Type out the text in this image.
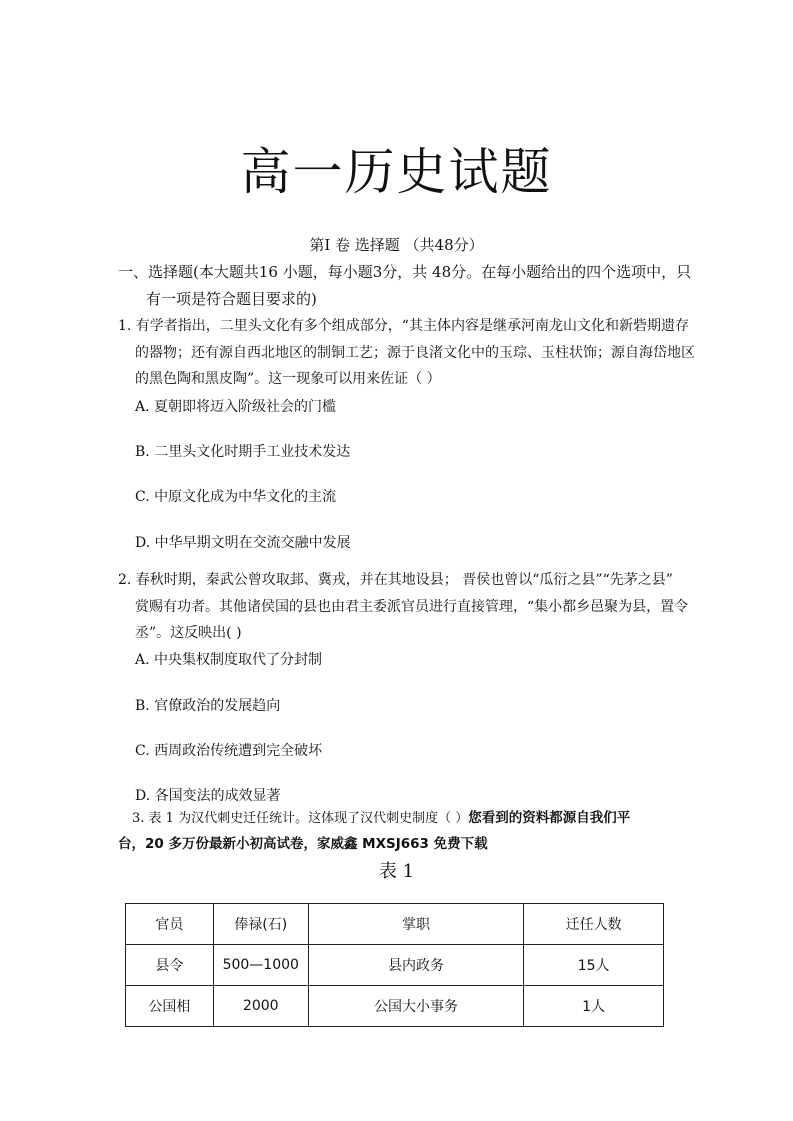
高一历史试题
第Ⅰ 卷 选择题 （共48分）
一、选择题(本大题共16 小题，每小题3分，共 48分。在每小题给出的四个选项中，只
有一项是符合题目要求的)
1. 有学者指出，二里头文化有多个组成部分，“其主体内容是继承河南龙山文化和新砦期遗存
的器物；还有源自西北地区的制铜工艺；源于良渚文化中的玉琮、玉柱状饰；源自海岱地区
的黑色陶和黑皮陶”。这一现象可以用来佐证（ ）
A. 夏朝即将迈入阶级社会的门槛
B. 二里头文化时期手工业技术发达
C. 中原文化成为中华文化的主流
D. 中华早期文明在交流交融中发展
2. 春秋时期，秦武公曾攻取邽、冀戎，并在其地设县； 晋侯也曾以“瓜衍之县”“先茅之县”
赏赐有功者。其他诸侯国的县也由君主委派官员进行直接管理，“集小都乡邑聚为县，置令
丞”。这反映出( )
A. 中央集权制度取代了分封制
B. 官僚政治的发展趋向
C. 西周政治传统遭到完全破坏
D. 各国变法的成效显著
3. 表 1 为汉代刺史迁任统计。这体现了汉代刺史制度（ ）您看到的资料都源自我们平
台，20 多万份最新小初高试卷，家威鑫 MXSJ663 免费下载
表 1
官员	俸禄(石)	掌职	迁任人数
县令	500—1000	县内政务	15人
公国相	2000	公国大小事务	1人
